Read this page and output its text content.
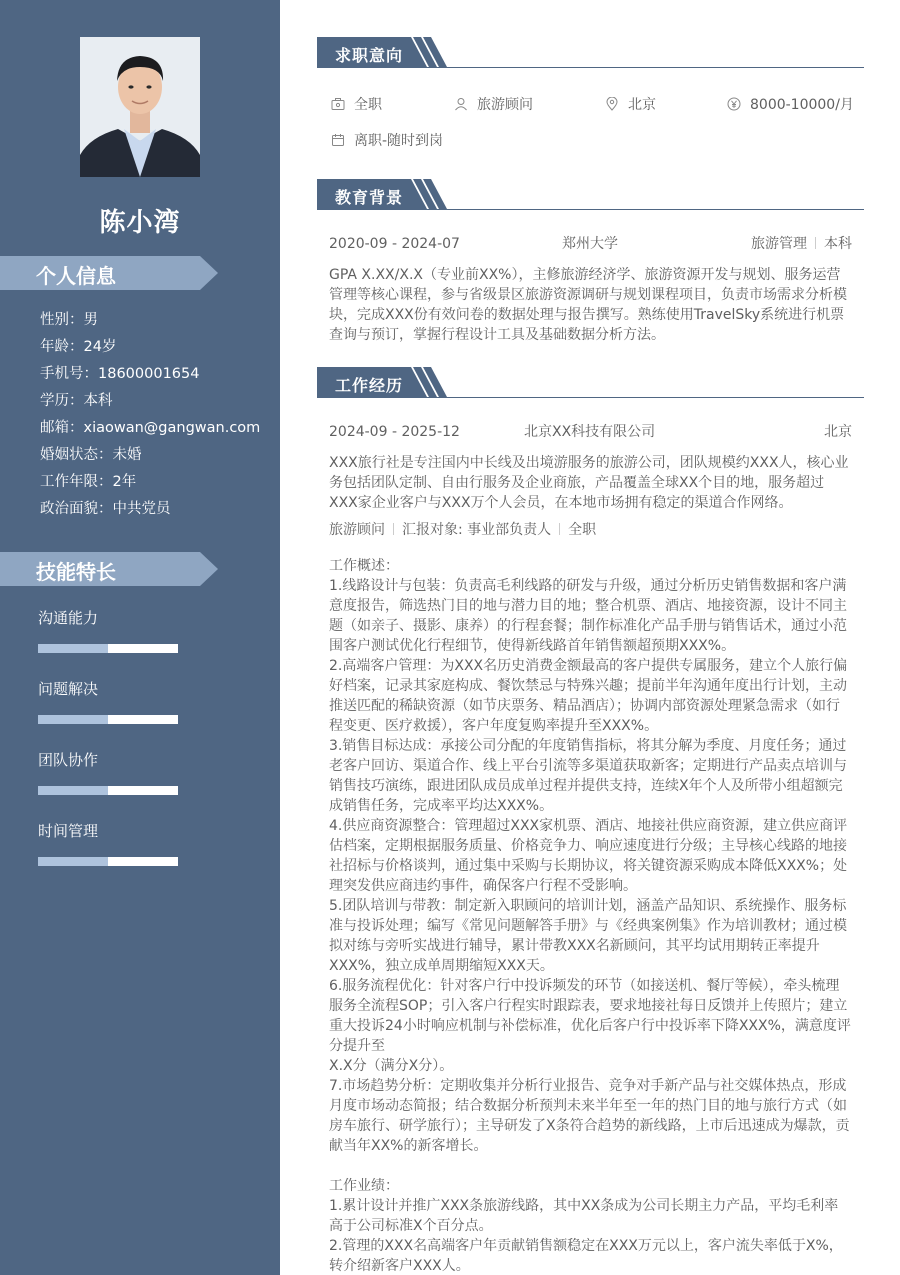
陈小湾
个人信息
性别：男
年龄：24岁
手机号：18600001654
学历：本科
邮箱：xiaowan@gangwan.com
婚姻状态：未婚
工作年限：2年
政治面貌：中共党员
技能特长
沟通能力
问题解决
团队协作
时间管理
求职意向
全职	旅游顾问	北京	8000-10000/月
离职-随时到岗
教育背景
2020-09 - 2024-07	郑州大学	旅游管理 本科
GPA X.XX/X.X（专业前XX%），主修旅游经济学、旅游资源开发与规划、服务运营管理等核心课程，参与省级景区旅游资源调研与规划课程项目，负责市场需求分析模块，完成XXX份有效问卷的数据处理与报告撰写。熟练使用TravelSky系统进行机票查询与预订，掌握行程设计工具及基础数据分析方法。
工作经历
2024-09 - 2025-12	北京XX科技有限公司	北京
XXX旅行社是专注国内中长线及出境游服务的旅游公司，团队规模约XXX人，核心业务包括团队定制、自由行服务及企业商旅，产品覆盖全球XX个目的地，服务超过XXX家企业客户与XXX万个人会员，在本地市场拥有稳定的渠道合作网络。
旅游顾问 汇报对象: 事业部负责人 全职
工作概述：
1.线路设计与包装：负责高毛利线路的研发与升级，通过分析历史销售数据和客户满意度报告，筛选热门目的地与潜力目的地；整合机票、酒店、地接资源，设计不同主题（如亲子、摄影、康养）的行程套餐；制作标准化产品手册与销售话术，通过小范围客户测试优化行程细节，使得新线路首年销售额超预期XXX%。
2.高端客户管理：为XXX名历史消费金额最高的客户提供专属服务，建立个人旅行偏好档案，记录其家庭构成、餐饮禁忌与特殊兴趣；提前半年沟通年度出行计划，主动推送匹配的稀缺资源（如节庆票务、精品酒店）；协调内部资源处理紧急需求（如行程变更、医疗救援），客户年度复购率提升至XXX%。
3.销售目标达成：承接公司分配的年度销售指标，将其分解为季度、月度任务；通过老客户回访、渠道合作、线上平台引流等多渠道获取新客；定期进行产品卖点培训与销售技巧演练，跟进团队成员成单过程并提供支持，连续X年个人及所带小组超额完成销售任务，完成率平均达XXX%。
4.供应商资源整合：管理超过XXX家机票、酒店、地接社供应商资源，建立供应商评估档案，定期根据服务质量、价格竞争力、响应速度进行分级；主导核心线路的地接社招标与价格谈判，通过集中采购与长期协议，将关键资源采购成本降低XXX%；处理突发供应商违约事件，确保客户行程不受影响。
5.团队培训与带教：制定新入职顾问的培训计划，涵盖产品知识、系统操作、服务标准与投诉处理；编写《常见问题解答手册》与《经典案例集》作为培训教材；通过模拟对练与旁听实战进行辅导，累计带教XXX名新顾问，其平均试用期转正率提升XXX%，独立成单周期缩短XXX天。
6.服务流程优化：针对客户行中投诉频发的环节（如接送机、餐厅等候），牵头梳理服务全流程SOP；引入客户行程实时跟踪表，要求地接社每日反馈并上传照片；建立重大投诉24小时响应机制与补偿标准，优化后客户行中投诉率下降XXX%，满意度评分提升至
X.X分（满分X分）。
7.市场趋势分析：定期收集并分析行业报告、竞争对手新产品与社交媒体热点，形成月度市场动态简报；结合数据分析预判未来半年至一年的热门目的地与旅行方式（如房车旅行、研学旅行）；主导研发了X条符合趋势的新线路，上市后迅速成为爆款，贡献当年XX%的新客增长。
工作业绩：
1.累计设计并推广XXX条旅游线路，其中XX条成为公司长期主力产品，平均毛利率高于公司标准X个百分点。
2.管理的XXX名高端客户年贡献销售额稳定在XXX万元以上，客户流失率低于X%，转介绍新客户XXX人。
